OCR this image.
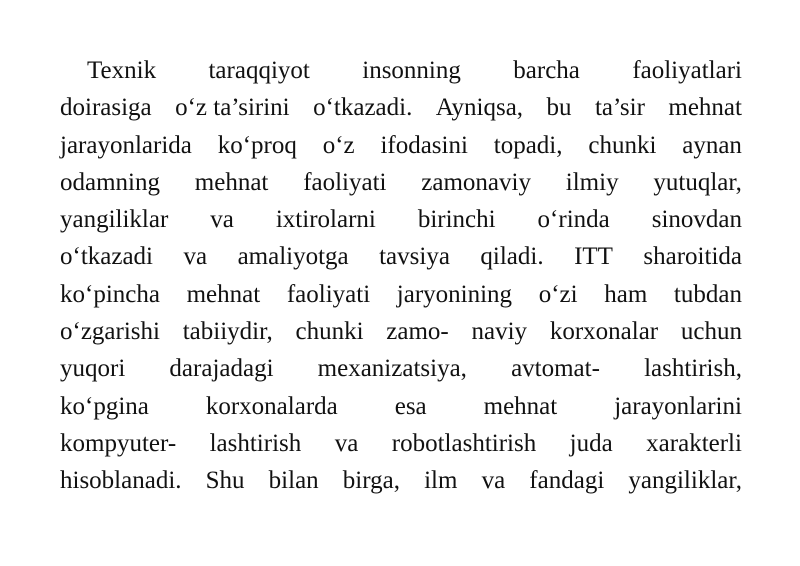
Texnik taraqqiyot insonning barcha faoliyatlari
doirasiga o‘z ta’sirini o‘tkazadi. Ayniqsa, bu ta’sir mehnat
jarayonlarida ko‘proq o‘z ifodasini topadi, chunki aynan
odamning mehnat faoliyati zamonaviy ilmiy yutuqlar,
yangiliklar va ixtirolarni birinchi o‘rinda sinovdan
o‘tkazadi va amaliyotga tavsiya qiladi. ITT sharoitida
ko‘pincha mehnat faoliyati jaryonining o‘zi ham tubdan
o‘zgarishi tabiiydir, chunki zamo- naviy korxonalar uchun
yuqori darajadagi mexanizatsiya, avtomat- lashtirish,
ko‘pgina korxonalarda esa mehnat jarayonlarini
kompyuter- lashtirish va robotlashtirish juda xarakterli
hisoblanadi. Shu bilan birga, ilm va fandagi yangiliklar,
